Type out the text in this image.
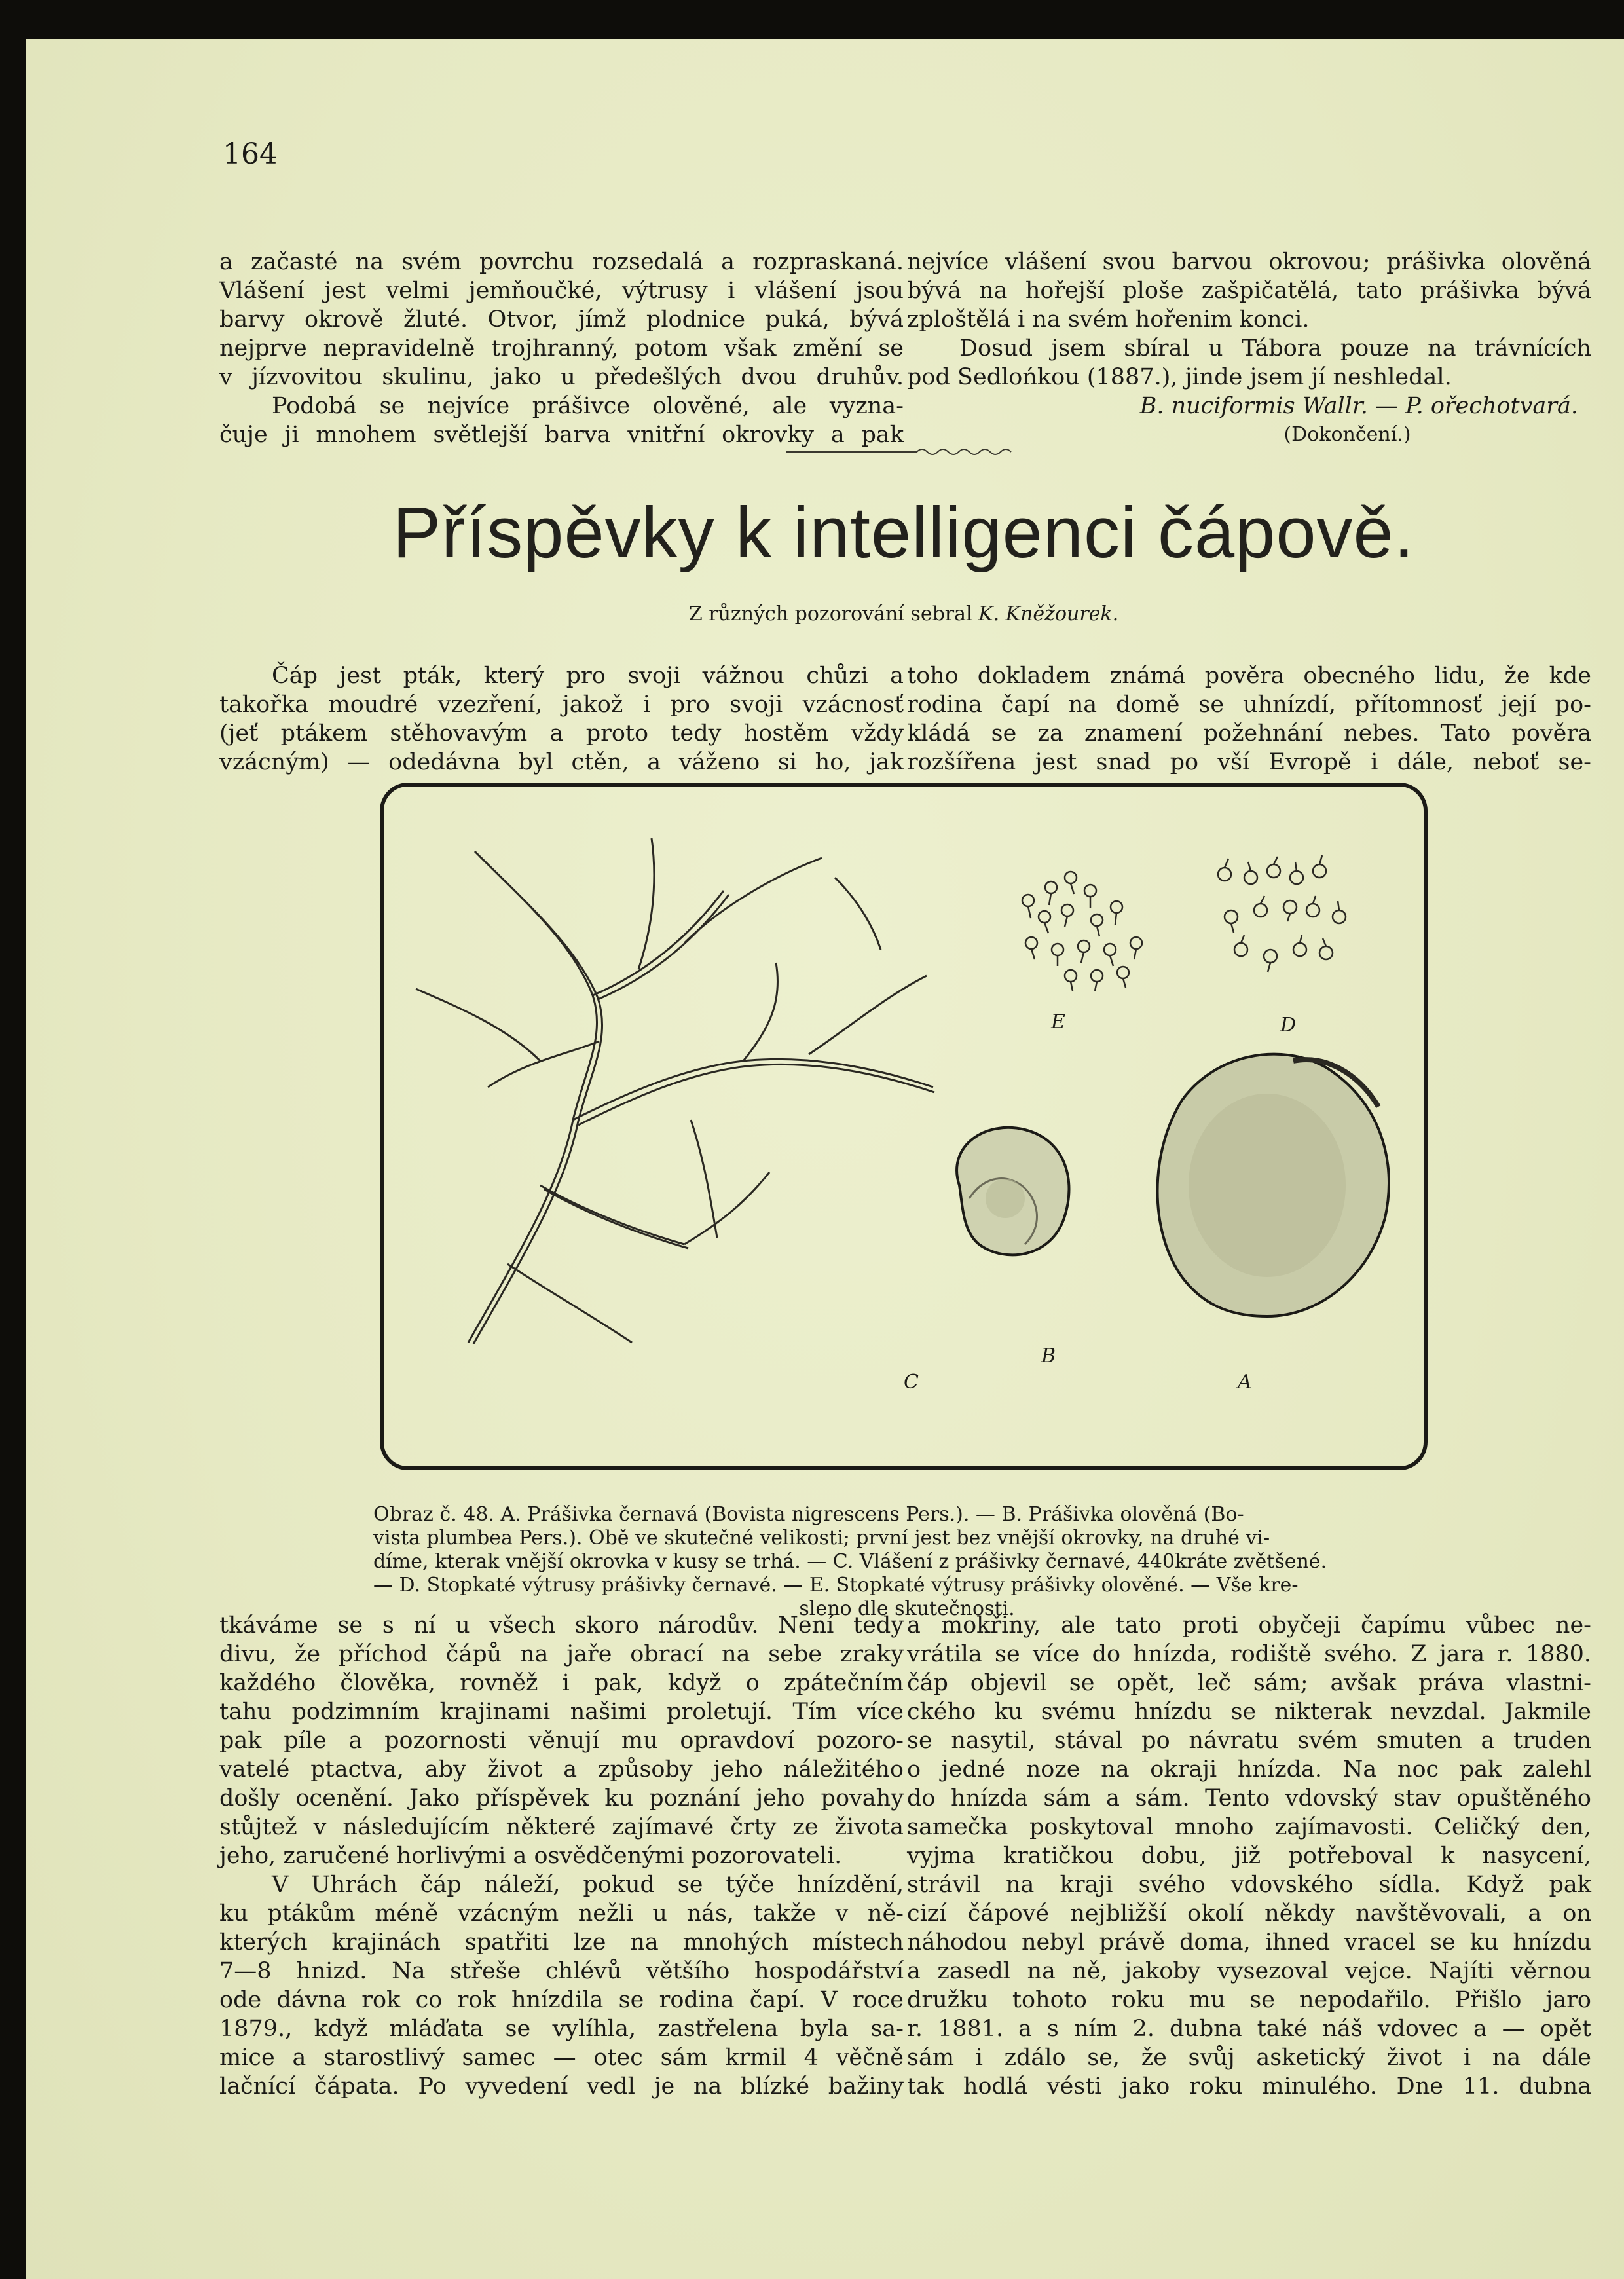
164

a začasté na svém povrchu rozsedalá a rozpraskaná.

Vlášení jest velmi jemňoučké, výtrusy i vlášení jsou

barvy okrově žluté. Otvor, jímž plodnice puká, bývá

nejprve nepravidelně trojhranný, potom však změní se

v jízvovitou skulinu, jako u předešlých dvou druhův.

Podobá se nejvíce prášivce olověné, ale vyzna-

čuje ji mnohem světlejší barva vnitřní okrovky a pak

nejvíce vlášení svou barvou okrovou; prášivka olověná

bývá na hořejší ploše zašpičatělá, tato prášivka bývá

zploštělá i na svém hořenim konci.

Dosud jsem sbíral u Tábora pouze na trávnících

pod Sedlońkou (1887.), jinde jsem jí neshledal.

B. nuciformis Wallr. — P. ořechotvará.

(Dokončení.)

Příspěvky k intelligenci čápově.
Z různých pozorování sebral K. Kněžourek.

Čáp jest pták, který pro svoji vážnou chůzi a

takořka moudré vzezření, jakož i pro svoji vzácnosť

(jeť ptákem stěhovavým a proto tedy hostěm vždy

vzácným) — odedávna byl ctěn, a váženo si ho, jak

toho dokladem známá pověra obecného lidu, že kde

rodina čapí na domě se uhnízdí, přítomnosť její po-

kládá se za znamení požehnání nebes. Tato pověra

rozšířena jest snad po vší Evropě i dále, neboť se-

E	D
C
B
A
Obraz č. 48. A. Prášivka černavá (Bovista nigrescens Pers.). — B. Prášivka olověná (Bo-
vista plumbea Pers.). Obě ve skutečné velikosti; první jest bez vnější okrovky, na druhé vi-
díme, kterak vnější okrovka v kusy se trhá. — C. Vlášení z prášivky černavé, 440kráte zvětšené.
— D. Stopkaté výtrusy prášivky černavé. — E. Stopkaté výtrusy prášivky olověné. — Vše kre-
sleno dle skutečnosti.

tkáváme se s ní u všech skoro národův. Není tedy

divu, že příchod čápů na jaře obrací na sebe zraky

každého člověka, rovněž i pak, když o zpátečním

tahu podzimním krajinami našimi proletují. Tím více

pak píle a pozornosti věnují mu opravdoví pozoro-

vatelé ptactva, aby život a způsoby jeho náležitého

došly ocenění. Jako příspěvek ku poznání jeho povahy

stůjtež v následujícím některé zajímavé črty ze života

jeho, zaručené horlivými a osvědčenými pozorovateli.

V Uhrách čáp náleží, pokud se týče hnízdění,

ku ptákům méně vzácným nežli u nás, takže v ně-

kterých krajinách spatřiti lze na mnohých místech

7—8 hnizd. Na střeše chlévů většího hospodářství

ode dávna rok co rok hnízdila se rodina čapí. V roce

1879., když mláďata se vylíhla, zastřelena byla sa-

mice a starostlivý samec — otec sám krmil 4 věčně

lačnící čápata. Po vyvedení vedl je na blízké bažiny

a mokřiny, ale tato proti obyčeji čapímu vůbec ne-

vrátila se více do hnízda, rodiště svého. Z jara r. 1880.

čáp objevil se opět, leč sám; avšak práva vlastni-

ckého ku svému hnízdu se nikterak nevzdal. Jakmile

se nasytil, stával po návratu svém smuten a truden

o jedné noze na okraji hnízda. Na noc pak zalehl

do hnízda sám a sám. Tento vdovský stav opuštěného

samečka poskytoval mnoho zajímavosti. Celičký den,

vyjma kratičkou dobu, již potřeboval k nasycení,

strávil na kraji svého vdovského sídla. Když pak

cizí čápové nejbližší okolí někdy navštěvovali, a on

náhodou nebyl právě doma, ihned vracel se ku hnízdu

a zasedl na ně, jakoby vysezoval vejce. Najíti věrnou

družku tohoto roku mu se nepodařilo. Přišlo jaro

r. 1881. a s ním 2. dubna také náš vdovec a — opět

sám i zdálo se, že svůj asketický život i na dále

tak hodlá vésti jako roku minulého. Dne 11. dubna
